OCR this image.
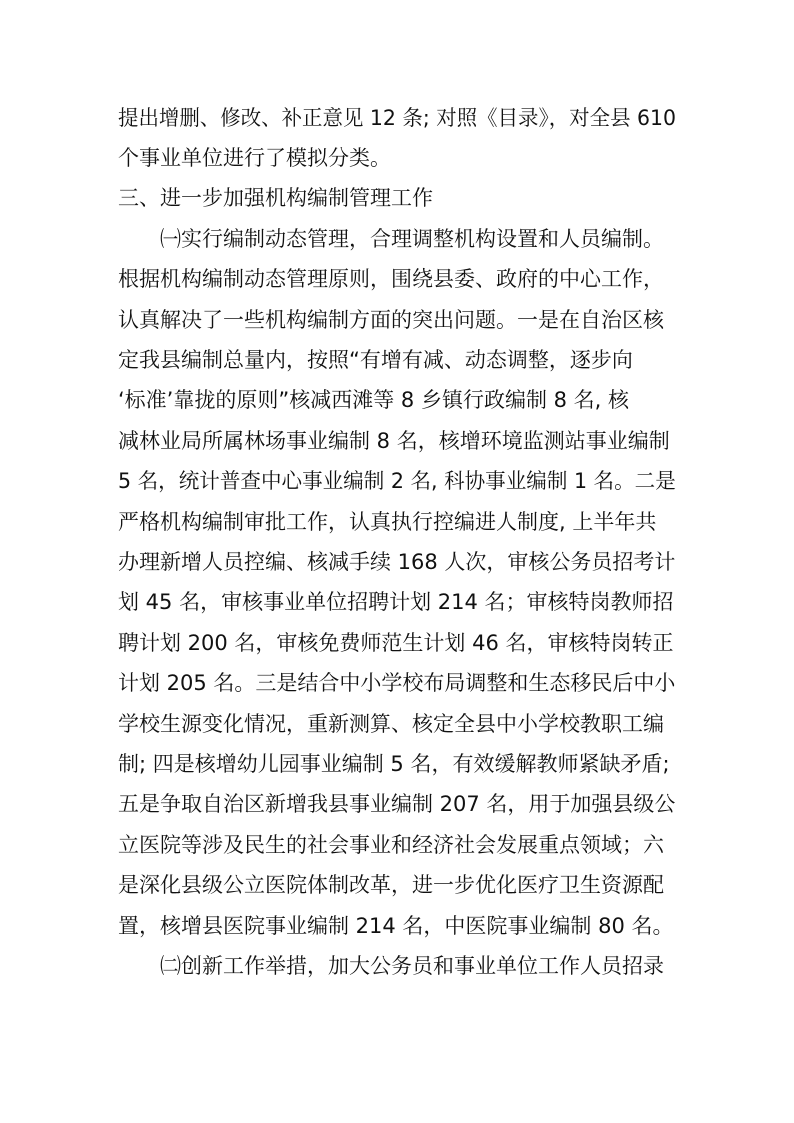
提出增删、修改、补正意见 12 条; 对照《目录》，对全县 610
个事业单位进行了模拟分类。
三、进一步加强机构编制管理工作
㈠实行编制动态管理，合理调整机构设置和人员编制。
根据机构编制动态管理原则，围绕县委、政府的中心工作，
认真解决了一些机构编制方面的突出问题。一是在自治区核
定我县编制总量内，按照“有增有减、动态调整，逐步向
‘标准’靠拢的原则”核减西滩等 8 乡镇行政编制 8 名, 核
减林业局所属林场事业编制 8 名，核增环境监测站事业编制
5 名，统计普查中心事业编制 2 名, 科协事业编制 1 名。二是
严格机构编制审批工作，认真执行控编进人制度, 上半年共
办理新增人员控编、核减手续 168 人次，审核公务员招考计
划 45 名，审核事业单位招聘计划 214 名；审核特岗教师招
聘计划 200 名，审核免费师范生计划 46 名，审核特岗转正
计划 205 名。三是结合中小学校布局调整和生态移民后中小
学校生源变化情况，重新测算、核定全县中小学校教职工编
制; 四是核增幼儿园事业编制 5 名，有效缓解教师紧缺矛盾;
五是争取自治区新增我县事业编制 207 名，用于加强县级公
立医院等涉及民生的社会事业和经济社会发展重点领域；六
是深化县级公立医院体制改革，进一步优化医疗卫生资源配
置，核增县医院事业编制 214 名，中医院事业编制 80 名。
㈡创新工作举措，加大公务员和事业单位工作人员招录
